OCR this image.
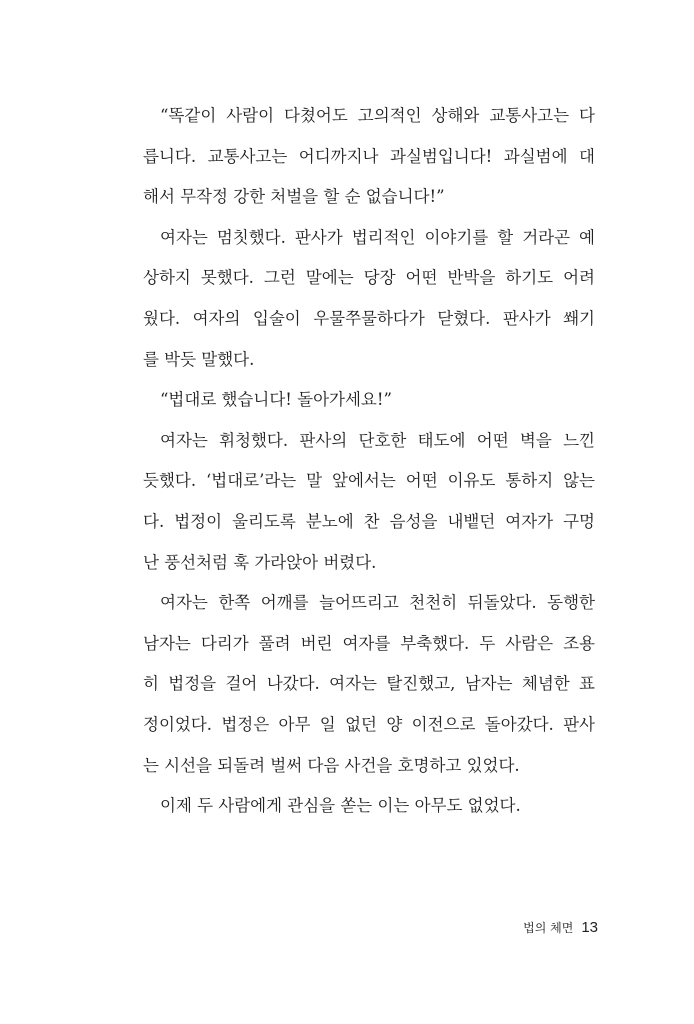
“똑같이 사람이 다쳤어도 고의적인 상해와 교통사고는 다
릅니다. 교통사고는 어디까지나 과실범입니다! 과실범에 대
해서 무작정 강한 처벌을 할 순 없습니다!”
여자는 멈칫했다. 판사가 법리적인 이야기를 할 거라곤 예
상하지 못했다. 그런 말에는 당장 어떤 반박을 하기도 어려
웠다. 여자의 입술이 우물쭈물하다가 닫혔다. 판사가 쐐기
를 박듯 말했다.
“법대로 했습니다! 돌아가세요!”
여자는 휘청했다. 판사의 단호한 태도에 어떤 벽을 느낀
듯했다. ‘법대로’라는 말 앞에서는 어떤 이유도 통하지 않는
다. 법정이 울리도록 분노에 찬 음성을 내뱉던 여자가 구멍
난 풍선처럼 훅 가라앉아 버렸다.
여자는 한쪽 어깨를 늘어뜨리고 천천히 뒤돌았다. 동행한
남자는 다리가 풀려 버린 여자를 부축했다. 두 사람은 조용
히 법정을 걸어 나갔다. 여자는 탈진했고, 남자는 체념한 표
정이었다. 법정은 아무 일 없던 양 이전으로 돌아갔다. 판사
는 시선을 되돌려 벌써 다음 사건을 호명하고 있었다.
이제 두 사람에게 관심을 쏟는 이는 아무도 없었다.
법의 체면 13
